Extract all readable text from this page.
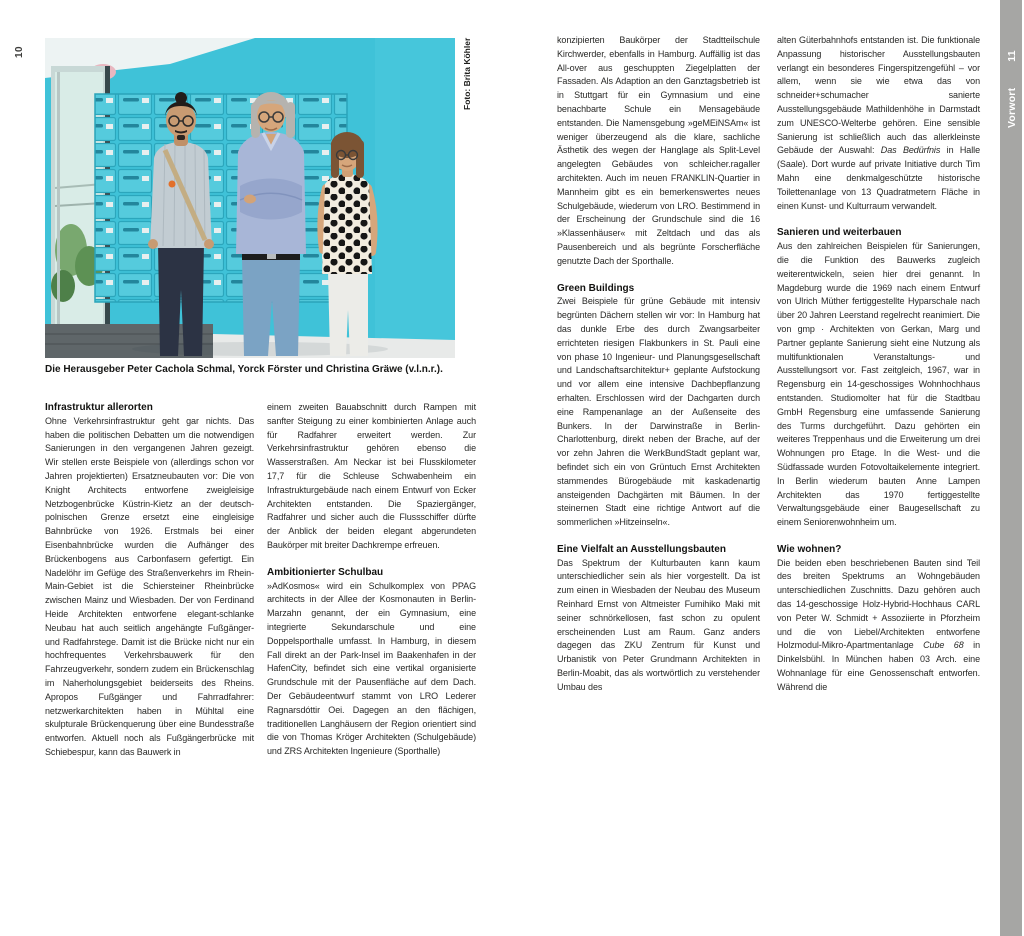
10	Foto: Brita Köhler
Die Herausgeber Peter Cachola Schmal, Yorck Förster und Christina Gräwe (v.l.n.r.).
Infrastruktur allerorten

Ohne Verkehrsinfrastruktur geht gar nichts. Das haben die politischen Debatten um die notwendigen Sanierungen in den vergangenen Jahren gezeigt. Wir stellen erste Beispiele von (allerdings schon vor Jahren projektierten) Ersatzneubauten vor: Die von Knight Architects entworfene zweigleisige Netzbogenbrücke Küstrin-Kietz an der deutsch-polnischen Grenze ersetzt eine eingleisige Bahnbrücke von 1926. Erstmals bei einer Eisenbahnbrücke wurden die Aufhänger des Brückenbogens aus Carbonfasern gefertigt. Ein Nadelöhr im Gefüge des Straßenverkehrs im Rhein-Main-Gebiet ist die Schiersteiner Rheinbrücke zwischen Mainz und Wiesbaden. Der von Ferdinand Heide Architekten entworfene elegant-schlanke Neubau hat auch seitlich angehängte Fußgänger- und Radfahrstege. Damit ist die Brücke nicht nur ein hochfrequentes Verkehrsbauwerk für den Fahrzeugverkehr, sondern zudem ein Brückenschlag im Naherholungsgebiet beiderseits des Rheins. Apropos Fußgänger und Fahrradfahrer: netzwerkarchitekten haben in Mühltal eine skulpturale Brückenquerung über eine Bundesstraße entworfen. Aktuell noch als Fußgängerbrücke mit Schiebespur, kann das Bauwerk in

einem zweiten Bauabschnitt durch Rampen mit sanfter Steigung zu einer kombinierten Anlage auch für Radfahrer erweitert werden. Zur Verkehrsinfrastruktur gehören ebenso die Wasserstraßen. Am Neckar ist bei Flusskilometer 17,7 für die Schleuse Schwabenheim ein Infrastrukturgebäude nach einem Entwurf von Ecker Architekten entstanden. Die Spaziergänger, Radfahrer und sicher auch die Flussschiffer dürfte der Anblick der beiden elegant abgerundeten Baukörper mit breiter Dachkrempe erfreuen.

Ambitionierter Schulbau

»AdKosmos« wird ein Schulkomplex von PPAG architects in der Allee der Kosmonauten in Berlin-Marzahn genannt, der ein Gymnasium, eine integrierte Sekundarschule und eine Doppelsporthalle umfasst. In Hamburg, in diesem Fall direkt an der Park-Insel im Baakenhafen in der HafenCity, befindet sich eine vertikal organisierte Grundschule mit der Pausenfläche auf dem Dach. Der Gebäudeentwurf stammt von LRO Lederer Ragnarsdóttir Oei. Dagegen an den flächigen, traditionellen Langhäusern der Region orientiert sind die von Thomas Kröger Architekten (Schulgebäude) und ZRS Architekten Ingenieure (Sporthalle)

konzipierten Baukörper der Stadtteilschule Kirchwerder, ebenfalls in Hamburg. Auffällig ist das All-over aus geschuppten Ziegelplatten der Fassaden. Als Adaption an den Ganztagsbetrieb ist in Stuttgart für ein Gymnasium und eine benachbarte Schule ein Mensagebäude entstanden. Die Namensgebung »geMEiNSAm« ist weniger überzeugend als die klare, sachliche Ästhetik des wegen der Hanglage als Split-Level angelegten Gebäudes von schleicher.ragaller architekten. Auch im neuen FRANKLIN-Quartier in Mannheim gibt es ein bemerkenswertes neues Schulgebäude, wiederum von LRO. Bestimmend in der Erscheinung der Grundschule sind die 16 »Klassenhäuser« mit Zeltdach und das als Pausenbereich und als begrünte Forscherfläche genutzte Dach der Sporthalle.

Green Buildings

Zwei Beispiele für grüne Gebäude mit intensiv begrünten Dächern stellen wir vor: In Hamburg hat das dunkle Erbe des durch Zwangsarbeiter errichteten riesigen Flakbunkers in St. Pauli eine von phase 10 Ingenieur- und Planungsgesellschaft und Landschaftsarchitektur+ geplante Aufstockung und vor allem eine intensive Dachbepflanzung erhalten. Erschlossen wird der Dachgarten durch eine Rampenanlage an der Außenseite des Bunkers. In der Darwinstraße in Berlin-Charlottenburg, direkt neben der Brache, auf der vor zehn Jahren die WerkBundStadt geplant war, befindet sich ein von Grüntuch Ernst Architekten stammendes Bürogebäude mit kaskadenartig ansteigenden Dachgärten mit Bäumen. In der steinernen Stadt eine richtige Antwort auf die sommerlichen »Hitzeinseln«.

Eine Vielfalt an Ausstellungsbauten

Das Spektrum der Kulturbauten kann kaum unterschiedlicher sein als hier vorgestellt. Da ist zum einen in Wiesbaden der Neubau des Museum Reinhard Ernst von Altmeister Fumihiko Maki mit seiner schnörkellosen, fast schon zu opulent erscheinenden Lust am Raum. Ganz anders dagegen das ZKU Zentrum für Kunst und Urbanistik von Peter Grundmann Architekten in Berlin-Moabit, das als wortwörtlich zu verstehender Umbau des

alten Güterbahnhofs entstanden ist. Die funktionale Anpassung historischer Ausstellungsbauten verlangt ein besonderes Fingerspitzengefühl – vor allem, wenn sie wie etwa das von schneider+schumacher sanierte Ausstellungsgebäude Mathildenhöhe in Darmstadt zum UNESCO-Welterbe gehören. Eine sensible Sanierung ist schließlich auch das allerkleinste Gebäude der Auswahl: Das Bedürfnis in Halle (Saale). Dort wurde auf private Initiative durch Tim Mahn eine denkmalgeschützte historische Toilettenanlage von 13 Quadratmetern Fläche in einen Kunst- und Kulturraum verwandelt.

Sanieren und weiterbauen

Aus den zahlreichen Beispielen für Sanierungen, die die Funktion des Bauwerks zugleich weiterentwickeln, seien hier drei genannt. In Magdeburg wurde die 1969 nach einem Entwurf von Ulrich Müther fertiggestellte Hyparschale nach über 20 Jahren Leerstand regelrecht reanimiert. Die von gmp · Architekten von Gerkan, Marg und Partner geplante Sanierung sieht eine Nutzung als multifunktionalen Veranstaltungs- und Ausstellungsort vor. Fast zeitgleich, 1967, war in Regensburg ein 14-geschossiges Wohnhochhaus entstanden. Studiomolter hat für die Stadtbau GmbH Regensburg eine umfassende Sanierung des Turms durchgeführt. Dazu gehörten ein weiteres Treppenhaus und die Erweiterung um drei Wohnungen pro Etage. In die West- und die Südfassade wurden Fotovoltaikelemente integriert. In Berlin wiederum bauten Anne Lampen Architekten das 1970 fertiggestellte Verwaltungsgebäude einer Baugesellschaft zu einem Seniorenwohnheim um.

Wie wohnen?

Die beiden eben beschriebenen Bauten sind Teil des breiten Spektrums an Wohngebäuden unterschiedlichen Zuschnitts. Dazu gehören auch das 14-geschossige Holz-Hybrid-Hochhaus CARL von Peter W. Schmidt + Assoziierte in Pforzheim und die von Liebel/Architekten entworfene Holzmodul-Mikro-Apartmentanlage Cube 68 in Dinkelsbühl. In München haben 03 Arch. eine Wohnanlage für eine Genossenschaft entworfen. Während die

Vorwort11
